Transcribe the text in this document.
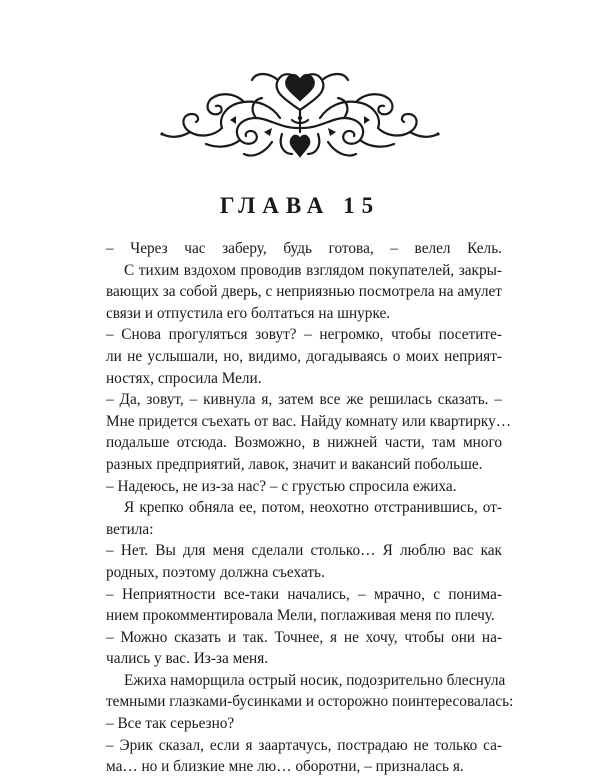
ГЛАВА 15
– Через час заберу, будь готова, – велел Кель.
С тихим вздохом проводив взглядом покупателей, закры-
вающих за собой дверь, с неприязнью посмотрела на амулет
связи и отпустила его болтаться на шнурке.
– Снова прогуляться зовут? – негромко, чтобы посетите-
ли не услышали, но, видимо, догадываясь о моих неприят-
ностях, спросила Мели.
– Да, зовут, – кивнула я, затем все же решилась сказать. –
Мне придется съехать от вас. Найду комнату или квартирку…
подальше отсюда. Возможно, в нижней части, там много
разных предприятий, лавок, значит и вакансий побольше.
– Надеюсь, не из-за нас? – с грустью спросила ежиха.
Я крепко обняла ее, потом, неохотно отстранившись, от-
ветила:
– Нет. Вы для меня сделали столько… Я люблю вас как
родных, поэтому должна съехать.
– Неприятности все-таки начались, – мрачно, с понима-
нием прокомментировала Мели, поглаживая меня по плечу.
– Можно сказать и так. Точнее, я не хочу, чтобы они на-
чались у вас. Из-за меня.
Ежиха наморщила острый носик, подозрительно блеснула
темными глазками-бусинками и осторожно поинтересовалась:
– Все так серьезно?
– Эрик сказал, если я заартачусь, пострадаю не только са-
ма… но и близкие мне лю… оборотни, – призналась я.
